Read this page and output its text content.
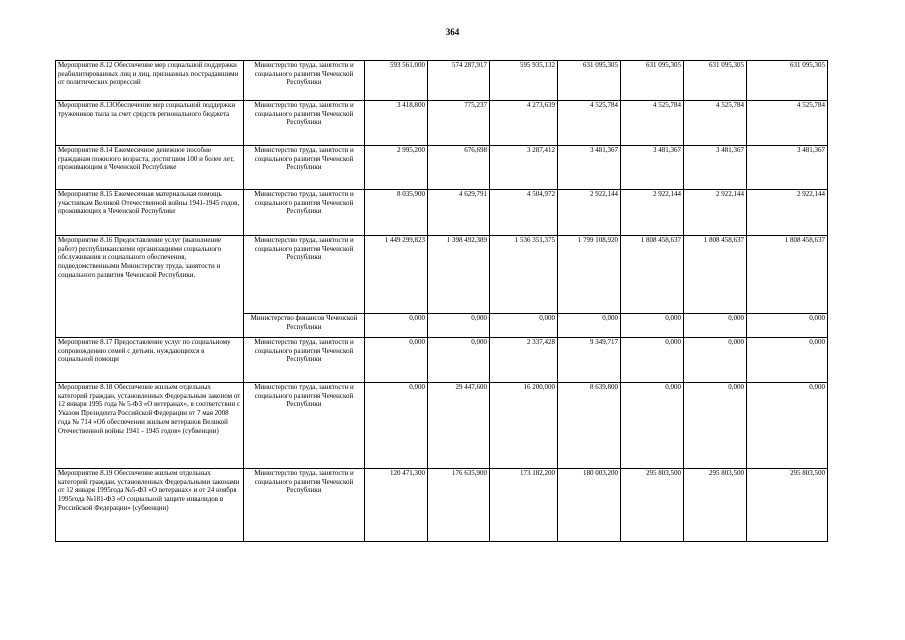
364
Мероприятие 8.12 Обеспечение мер социальной поддержки реабилитированных лиц и лиц, признанных пострадавшими от политических репрессий	Министерство труда, занятости и социального развития Чеченской Республики	593 561,000	574 287,917	595 935,132	631 095,305	631 095,305	631 095,305	631 095,305
Мероприятие 8.13Обеспечение мер социальной поддержки тружеников тыла за счет средств регионального бюджета	Министерство труда, занятости и социального развития Чеченской Республики	3 418,800	775,237	4 273,639	4 525,784	4 525,784	4 525,784	4 525,784
Мероприятие 8.14 Ежемесячное денежное пособие гражданам пожилого возраста, достигшим 100 и более лет, проживающим в Чеченской Республике	Министерство труда, занятости и социального развития Чеченской Республики	2 995,200	676,698	3 287,412	3 481,367	3 481,367	3 481,367	3 481,367
Мероприятие 8.15 Ежемесячная материальная помощь участникам Великой Отечественной войны 1941-1945 годов, проживающих в Чеченской Республике	Министерство труда, занятости и социального развития Чеченской Республики	8 035,900	4 629,791	4 504,972	2 922,144	2 922,144	2 922,144	2 922,144
Мероприятие 8.16 Предоставление услуг (выполнение работ) республиканскими организациями социального обслуживания и социального обеспечения, подведомственными Министерству труда, занятости и социального развития Чеченской Республики.	Министерство труда, занятости и социального развития Чеченской Республики	1 449 299,823	1 398 492,389	1 536 351,375	1 799 108,920	1 808 458,637	1 808 458,637	1 808 458,637
	Министерство финансов Чеченской Республики	0,000	0,000	0,000	0,000	0,000	0,000	0,000
Мероприятие 8.17 Предоставление услуг по социальному сопровождению семей с детьми, нуждающихся в социальной помощи	Министерство труда, занятости и социального развития Чеченской Республики	0,000	0,000	2 337,428	9 349,717	0,000	0,000	0,000
Мероприятие 8.18 Обеспечение жильем отдельных категорий граждан, установленных Федеральным законом от 12 января 1995 года № 5-ФЗ «О ветеранах», в соответствии с Указом Президента Российской Федерации от 7 мая 2008 года № 714 «Об обеспечении жильем ветеранов Великой Отечественной войны 1941 - 1945 годов» (субвенции)	Министерство труда, занятости и социального развития Чеченской Республики	0,000	29 447,600	16 200,000	8 639,800	0,000	0,000	0,000
Мероприятие 8.19 Обеспечение жильем отдельных категорий граждан, установленных Федеральными законами от 12 января 1995года №5-ФЗ «О ветеранах» и от 24 ноября 1995года №181-ФЗ «О социальной защите инвалидов в Российской Федерации» (субвенции)	Министерство труда, занятости и социального развития Чеченской Республики	120 471,300	176 635,900	173 182,200	180 003,200	295 803,500	295 803,500	295 803,500
